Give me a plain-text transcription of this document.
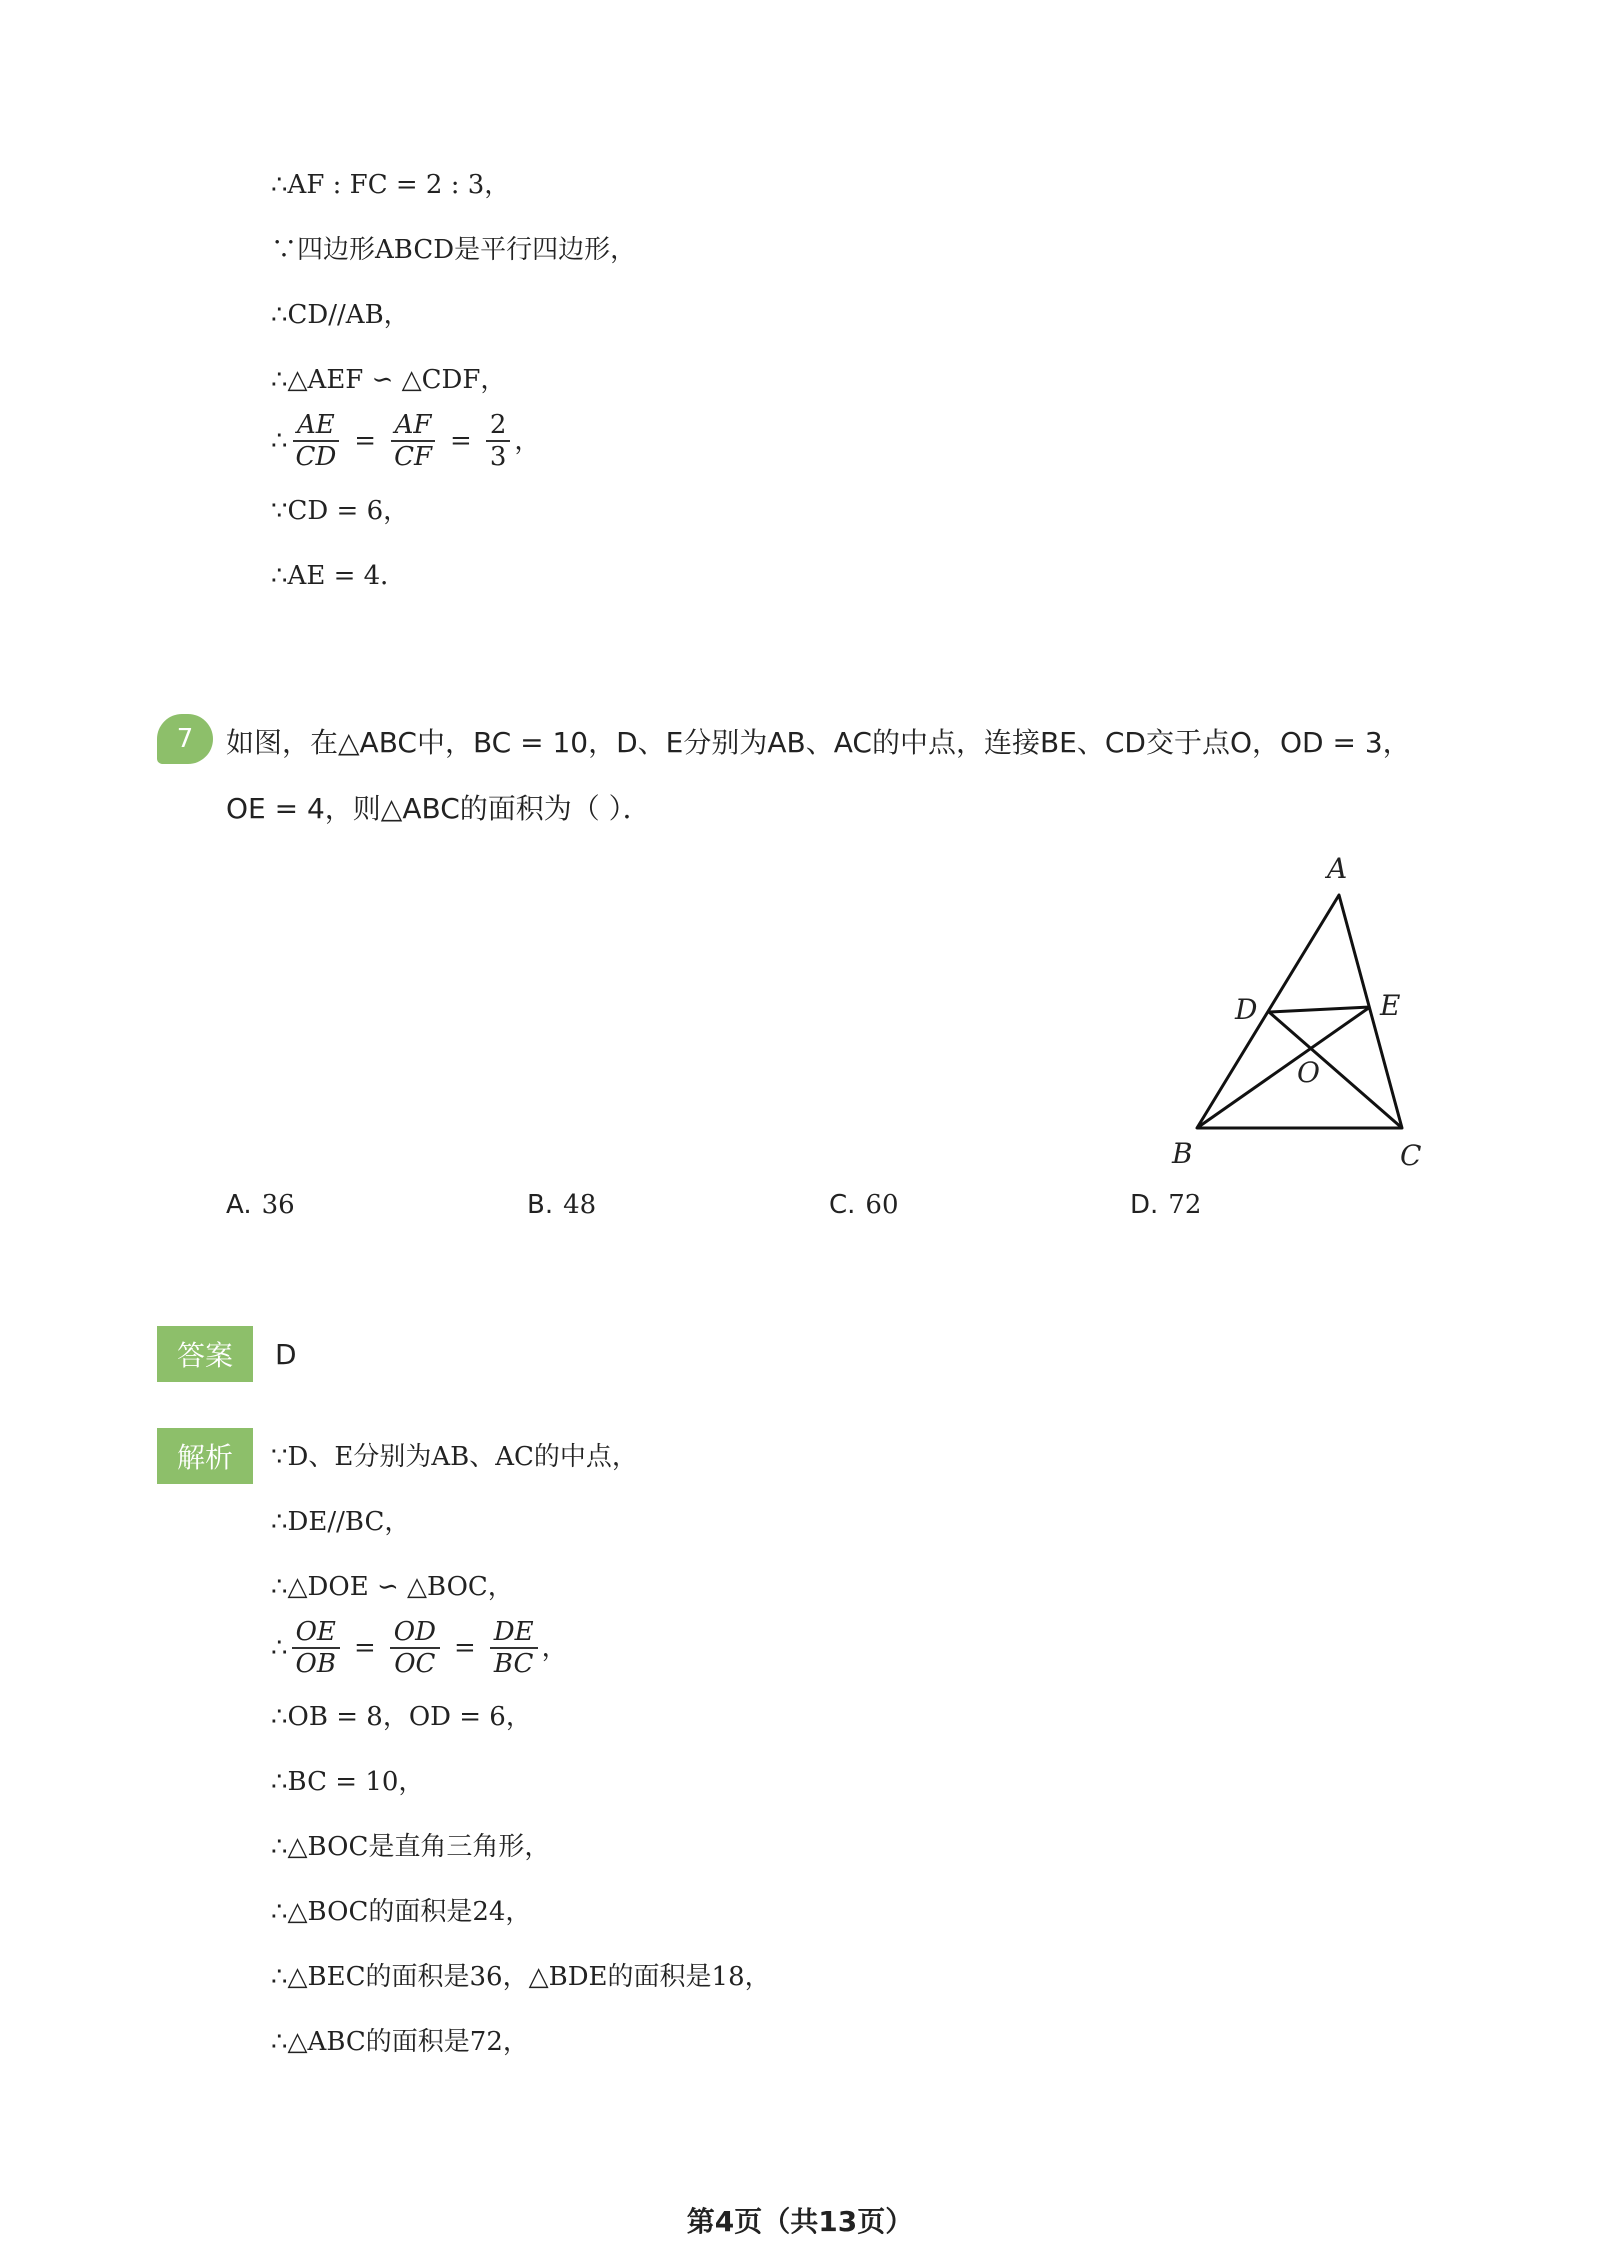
∴AF : FC = 2 : 3，
∵四边形ABCD是平行四边形，
∴CD//AB，
∴△AEF ∽ △CDF，
∴ $\frac{AE}{CD} = \frac{AF}{CF} = \frac{2}{3}$ ，
∵CD = 6，
∴AE = 4．
7	如图，在△ABC中，BC = 10，D、E分别为AB、AC的中点，连接BE、CD交于点O，OD = 3，
OE = 4，则△ABC的面积为（ ）．
A
D	E
O
B	C
A. 36	B. 48	C. 60	D. 72
答案	D
解析	∵D、E分别为AB、AC的中点，
∴DE//BC，
∴△DOE ∽ △BOC，
∴ $\frac{OE}{OB} = \frac{OD}{OC} = \frac{DE}{BC}$ ，
∴OB = 8，OD = 6，
∴BC = 10，
∴△BOC是直角三角形，
∴△BOC的面积是24，
∴△BEC的面积是36，△BDE的面积是18，
∴△ABC的面积是72，
第4页（共13页）
